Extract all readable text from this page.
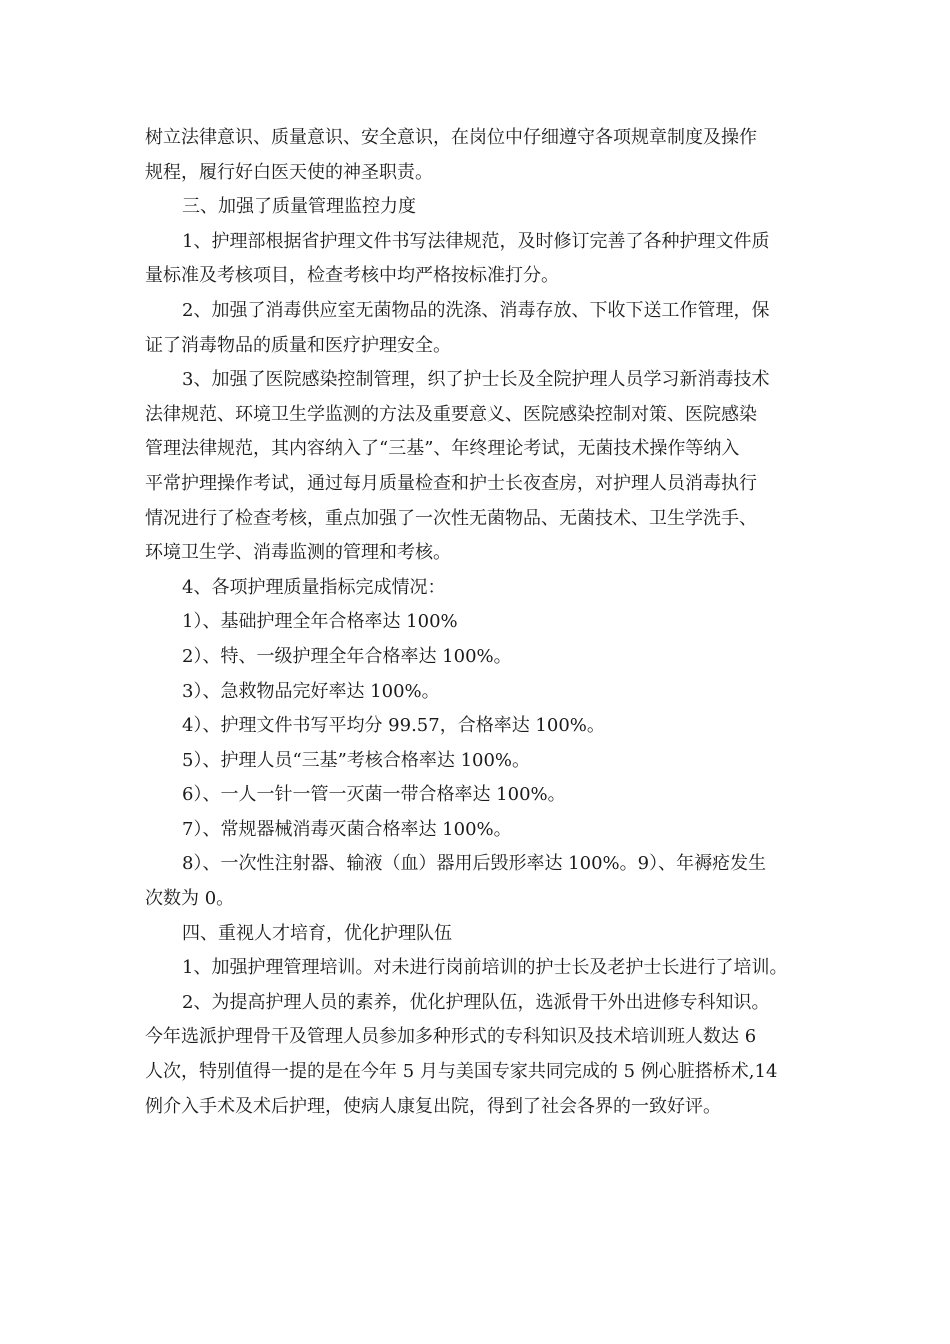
树立法律意识、质量意识、安全意识，在岗位中仔细遵守各项规章制度及操作
规程，履行好白医天使的神圣职责。
三、加强了质量管理监控力度
1、护理部根据省护理文件书写法律规范，及时修订完善了各种护理文件质
量标准及考核项目，检查考核中均严格按标准打分。
2、加强了消毒供应室无菌物品的洗涤、消毒存放、下收下送工作管理，保
证了消毒物品的质量和医疗护理安全。
3、加强了医院感染控制管理，织了护士长及全院护理人员学习新消毒技术
法律规范、环境卫生学监测的方法及重要意义、医院感染控制对策、医院感染
管理法律规范，其内容纳入了“三基”、年终理论考试，无菌技术操作等纳入
平常护理操作考试，通过每月质量检查和护士长夜查房，对护理人员消毒执行
情况进行了检查考核，重点加强了一次性无菌物品、无菌技术、卫生学洗手、
环境卫生学、消毒监测的管理和考核。
4、各项护理质量指标完成情况：
1）、基础护理全年合格率达 100%
2）、特、一级护理全年合格率达 100%。
3）、急救物品完好率达 100%。
4）、护理文件书写平均分 99.57，合格率达 100%。
5）、护理人员“三基”考核合格率达 100%。
6）、一人一针一管一灭菌一带合格率达 100%。
7）、常规器械消毒灭菌合格率达 100%。
8）、一次性注射器、输液（血）器用后毁形率达 100%。9）、年褥疮发生
次数为 0。
四、重视人才培育，优化护理队伍
1、加强护理管理培训。对未进行岗前培训的护士长及老护士长进行了培训。
2、为提高护理人员的素养，优化护理队伍，选派骨干外出进修专科知识。
今年选派护理骨干及管理人员参加多种形式的专科知识及技术培训班人数达 6
人次，特别值得一提的是在今年 5 月与美国专家共同完成的 5 例心脏搭桥术,14
例介入手术及术后护理，使病人康复出院，得到了社会各界的一致好评。
